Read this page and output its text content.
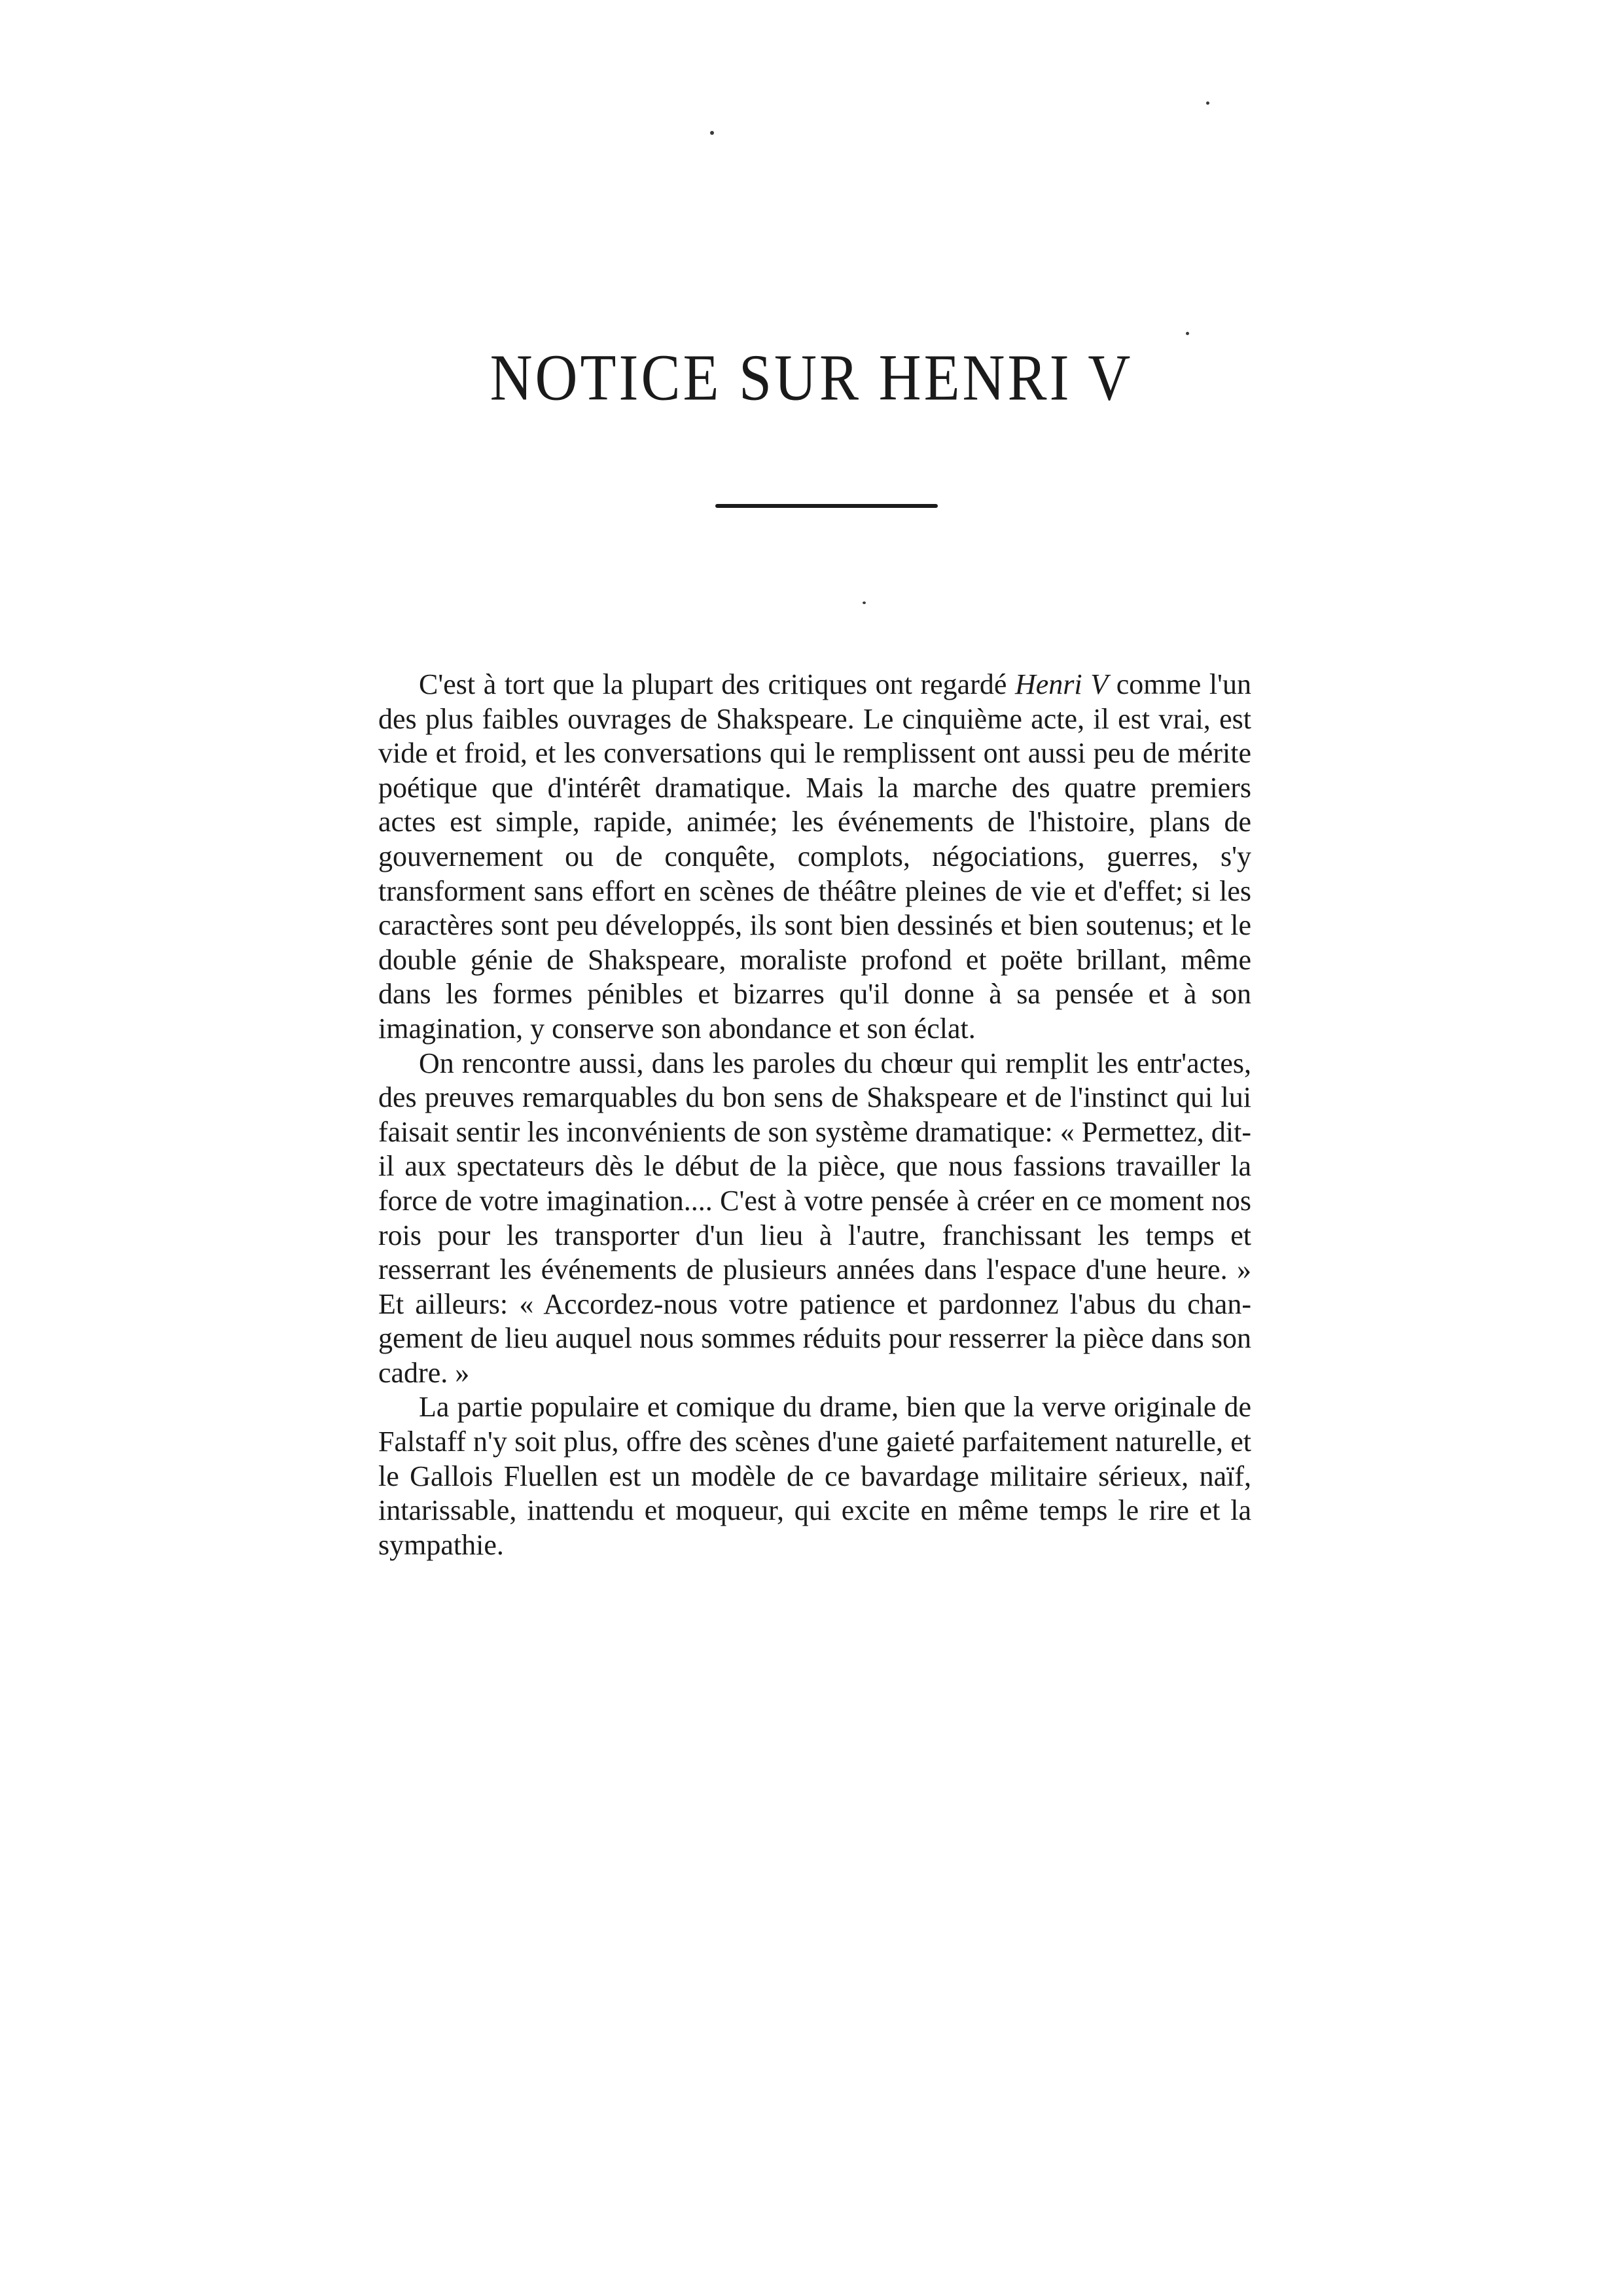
NOTICE SUR HENRI V

C'est à tort que la plupart des critiques ont regardé Henri V comme l'un des plus faibles ouvrages de Shakspeare. Le cinquième acte, il est vrai, est vide et froid, et les conversations qui le remplissent ont aussi peu de mérite poétique que d'intérêt dramatique. Mais la marche des quatre premiers actes est simple, rapide, animée; les événements de l'histoire, plans de gouvernement ou de conquête, complots, négociations, guerres, s'y transforment sans effort en scènes de théâtre pleines de vie et d'effet; si les caractères sont peu développés, ils sont bien dessinés et bien soutenus; et le double génie de Shakspeare, moraliste profond et poëte brillant, même dans les formes pénibles et bizarres qu'il donne à sa pensée et à son imagination, y conserve son abondance et son éclat.

On rencontre aussi, dans les paroles du chœur qui remplit les entr'actes, des preuves remarquables du bon sens de Shakspeare et de l'instinct qui lui faisait sentir les inconvénients de son système dramatique: « Permettez, dit-il aux spectateurs dès le début de la pièce, que nous fassions travailler la force de votre imagination.... C'est à votre pensée à créer en ce moment nos rois pour les transporter d'un lieu à l'autre, franchissant les temps et resserrant les événements de plusieurs années dans l'espace d'une heure. » Et ailleurs: « Accordez-nous votre patience et pardonnez l'abus du changement de lieu auquel nous sommes réduits pour resserrer la pièce dans son cadre. »

La partie populaire et comique du drame, bien que la verve originale de Falstaff n'y soit plus, offre des scènes d'une gaieté parfaitement naturelle, et le Gallois Fluellen est un modèle de ce bavardage militaire sérieux, naïf, intarissable, inattendu et moqueur, qui excite en même temps le rire et la sympathie.
